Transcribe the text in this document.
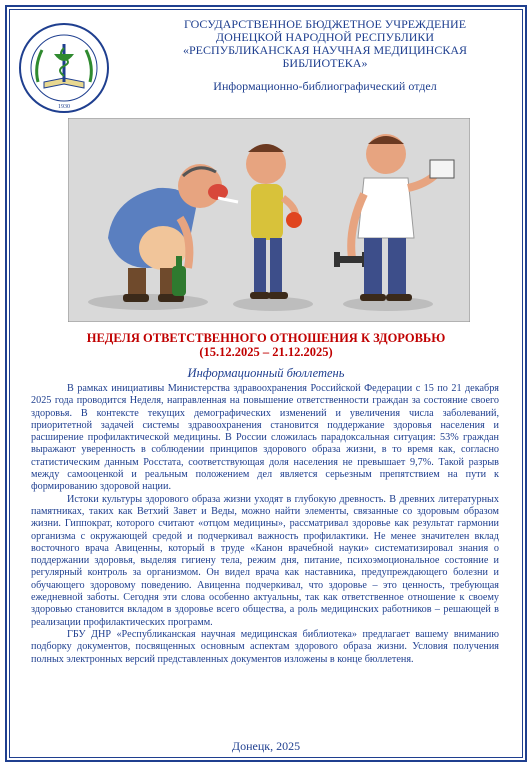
1930
ГОСУДАРСТВЕННОЕ БЮДЖЕТНОЕ УЧРЕЖДЕНИЕ
ДОНЕЦКОЙ НАРОДНОЙ РЕСПУБЛИКИ
«РЕСПУБЛИКАНСКАЯ НАУЧНАЯ МЕДИЦИНСКАЯ БИБЛИОТЕКА»
Информационно-библиографический отдел
НЕДЕЛЯ ОТВЕТСТВЕННОГО ОТНОШЕНИЯ К ЗДОРОВЬЮ
(15.12.2025 – 21.12.2025)
Информационный бюллетень

В рамках инициативы Министерства здравоохранения Российской Федерации с 15 по 21 декабря 2025 года проводится Неделя, направленная на повышение ответственности граждан за состояние своего здоровья. В контексте текущих демографических изменений и увеличения числа заболеваний, приоритетной задачей системы здравоохранения становится поддержание здоровья населения и расширение профилактической медицины. В России сложилась парадоксальная ситуация: 53% граждан выражают уверенность в соблюдении принципов здорового образа жизни, в то время как, согласно статистическим данным Росстата, соответствующая доля населения не превышает 9,7%. Такой разрыв между самооценкой и реальным положением дел является серьезным препятствием на пути к формированию здоровой нации.

Истоки культуры здорового образа жизни уходят в глубокую древность. В древних литературных памятниках, таких как Ветхий Завет и Веды, можно найти элементы, связанные со здоровым образом жизни. Гиппократ, которого считают «отцом медицины», рассматривал здоровье как результат гармонии организма с окружающей средой и подчеркивал важность профилактики. Не менее значителен вклад восточного врача Авиценны, который в труде «Канон врачебной науки» систематизировал знания о поддержании здоровья, выделяя гигиену тела, режим дня, питание, психоэмоциональное состояние и регулярный контроль за организмом. Он видел врача как наставника, предупреждающего болезни и обучающего здоровому поведению. Авиценна подчеркивал, что здоровье – это ценность, требующая ежедневной заботы. Сегодня эти слова особенно актуальны, так как ответственное отношение к своему здоровью становится вкладом в здоровье всего общества, а роль медицинских работников – решающей в реализации профилактических программ.

ГБУ ДНР «Республиканская научная медицинская библиотека» предлагает вашему вниманию подборку документов, посвященных основным аспектам здорового образа жизни. Условия получения полных электронных версий представленных документов изложены в конце бюллетеня.

Донецк, 2025
